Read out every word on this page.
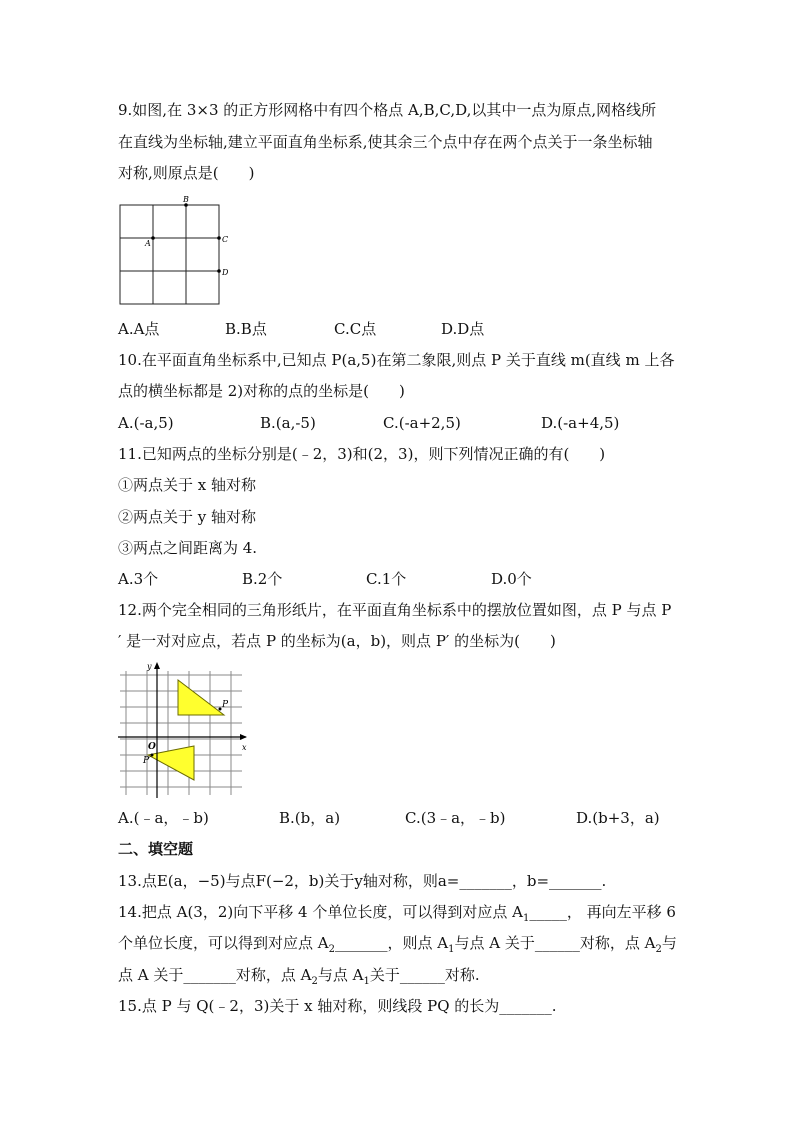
9.如图,在 3×3 的正方形网格中有四个格点 A,B,C,D,以其中一点为原点,网格线所
在直线为坐标轴,建立平面直角坐标系,使其余三个点中存在两个点关于一条坐标轴
对称,则原点是(　　)
B
A	C
D
A.A点	B.B点	C.C点	D.D点
10.在平面直角坐标系中,已知点 P(a,5)在第二象限,则点 P 关于直线 m(直线 m 上各
点的横坐标都是 2)对称的点的坐标是(　　)
A.(-a,5)	B.(a,-5)	C.(-a+2,5)	D.(-a+4,5)
11.已知两点的坐标分别是(﹣2，3)和(2，3)，则下列情况正确的有(　　)
①两点关于 x 轴对称
②两点关于 y 轴对称
③两点之间距离为 4.
A.3个	B.2个	C.1个	D.0个
12.两个完全相同的三角形纸片，在平面直角坐标系中的摆放位置如图，点 P 与点 P
′ 是一对对应点，若点 P 的坐标为(a，b)，则点 P′ 的坐标为(　　)
y
x
O
P
P′
A.(﹣a，﹣b)	B.(b，a)	C.(3﹣a，﹣b)	D.(b+3，a)
二、填空题
13.点E(a，−5)与点F(−2，b)关于y轴对称，则a=_______，b=_______.
14.把点 A(3，2)向下平移 4 个单位长度，可以得到对应点 $A_1\_\_\_\_\_$， 再向左平移 6
个单位长度，可以得到对应点 $A_2\_\_\_\_\_\_\_$，则点 $A_1$与点 A 关于______对称，点 $A_2$与
点 A 关于_______对称，点 $A_2$与点 $A_1$关于______对称.
15.点 P 与 Q(﹣2，3)关于 x 轴对称，则线段 PQ 的长为_______.
